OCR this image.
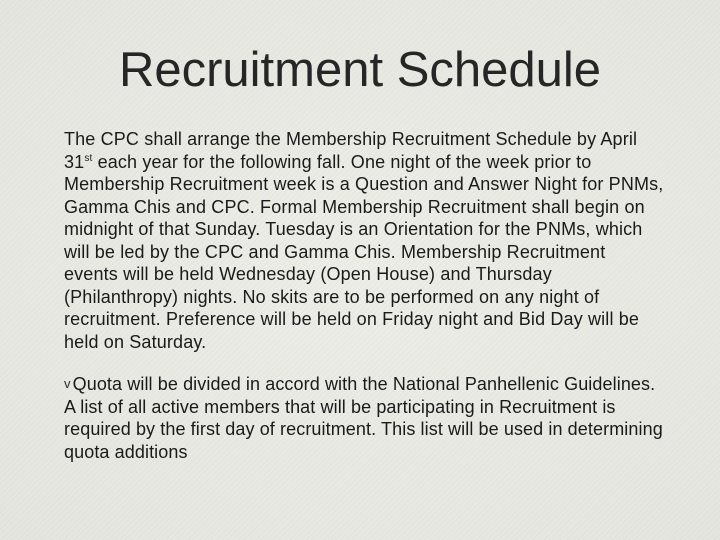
Recruitment Schedule

The CPC shall arrange the Membership Recruitment Schedule by April 31st each year for the following fall. One night of the week prior to Membership Recruitment week is a Question and Answer Night for PNMs, Gamma Chis and CPC. Formal Membership Recruitment shall begin on midnight of that Sunday. Tuesday is an Orientation for the PNMs, which will be led by the CPC and Gamma Chis. Membership Recruitment events will be held Wednesday (Open House) and Thursday (Philanthropy) nights. No skits are to be performed on any night of recruitment. Preference will be held on Friday night and Bid Day will be held on Saturday.

v Quota will be divided in accord with the National Panhellenic Guidelines. A list of all active members that will be participating in Recruitment is required by the first day of recruitment. This list will be used in determining quota additions
